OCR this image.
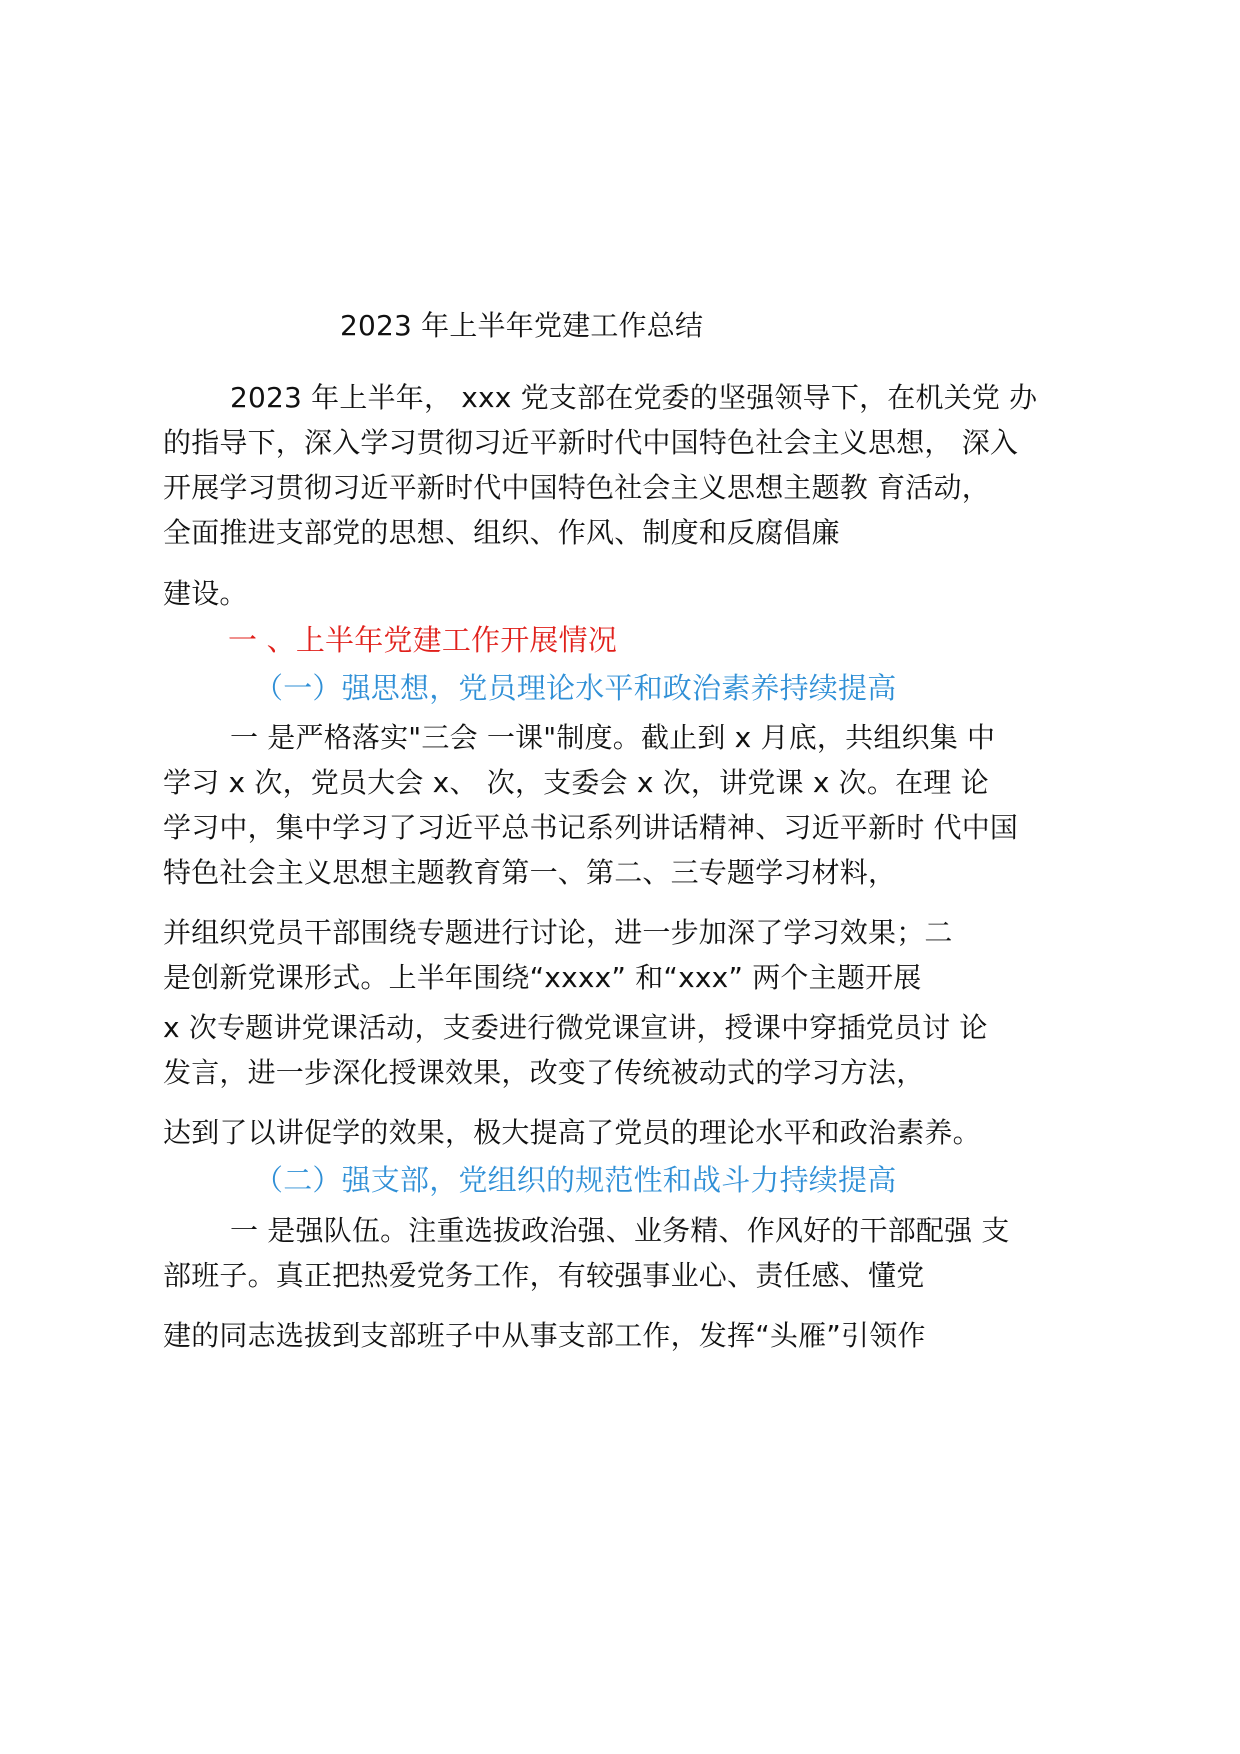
2023 年上半年党建工作总结
2023 年上半年， xxx 党支部在党委的坚强领导下，在机关党 办
的指导下，深入学习贯彻习近平新时代中国特色社会主义思想， 深入
开展学习贯彻习近平新时代中国特色社会主义思想主题教 育活动，
全面推进支部党的思想、组织、作风、制度和反腐倡廉
建设。
一 、上半年党建工作开展情况
（一）强思想，党员理论水平和政治素养持续提高
一 是严格落实"三会 一课"制度。截止到 x 月底，共组织集 中
学习 x 次，党员大会 x、 次，支委会 x 次，讲党课 x 次。在理 论
学习中，集中学习了习近平总书记系列讲话精神、习近平新时 代中国
特色社会主义思想主题教育第一、第二、三专题学习材料，
并组织党员干部围绕专题进行讨论，进一步加深了学习效果；二
是创新党课形式。上半年围绕“xxxx” 和“xxx” 两个主题开展
x 次专题讲党课活动，支委进行微党课宣讲，授课中穿插党员讨 论
发言，进一步深化授课效果，改变了传统被动式的学习方法，
达到了以讲促学的效果，极大提高了党员的理论水平和政治素养。
（二）强支部，党组织的规范性和战斗力持续提高
一 是强队伍。注重选拔政治强、业务精、作风好的干部配强 支
部班子。真正把热爱党务工作，有较强事业心、责任感、懂党
建的同志选拔到支部班子中从事支部工作，发挥“头雁”引领作
